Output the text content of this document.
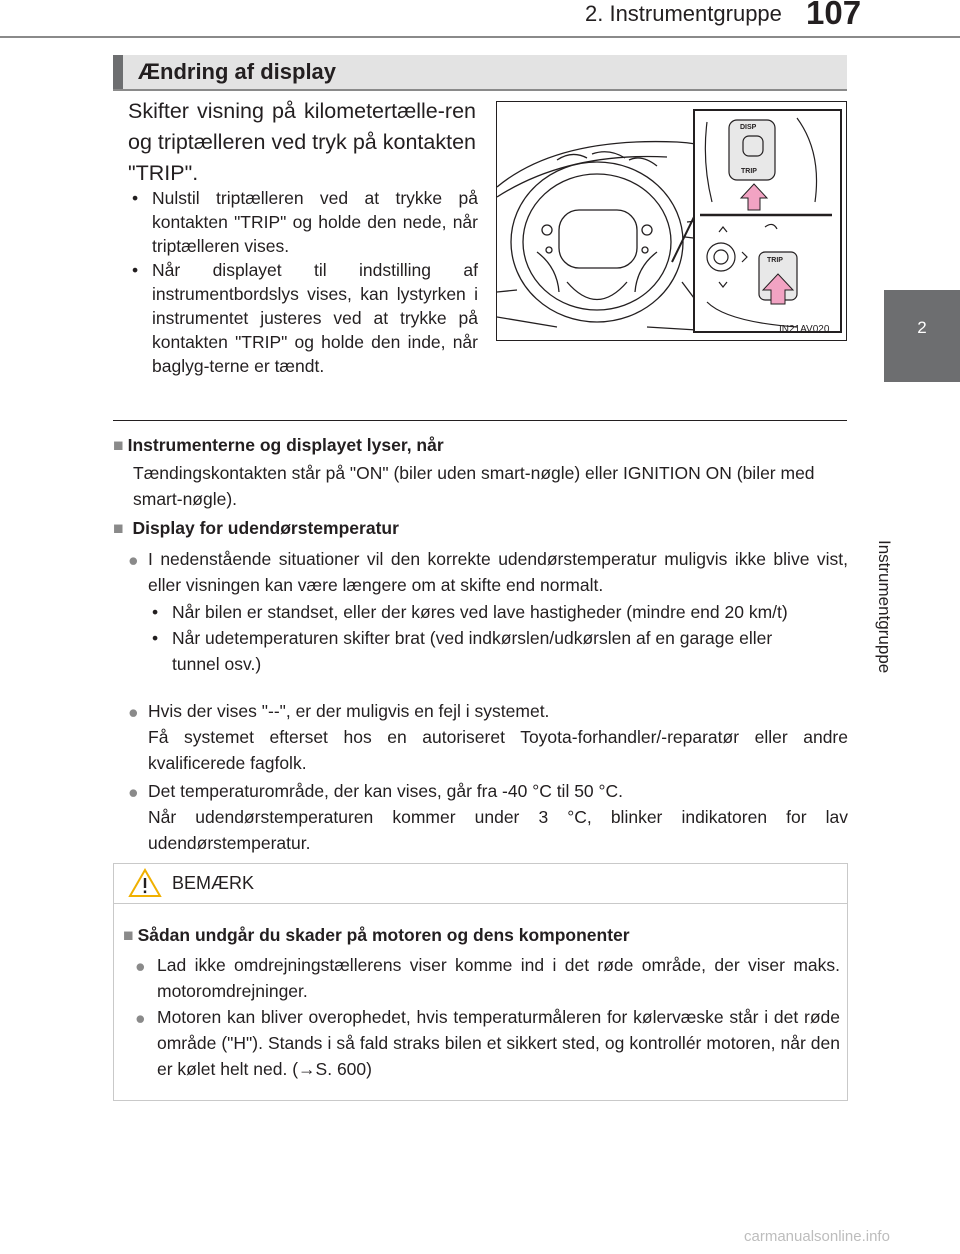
2. Instrumentgruppe 107
2
Instrumentgruppe
Ændring af display
Skifter visning på kilometertælle-ren og triptælleren ved tryk på kontakten "TRIP".
• Nulstil triptælleren ved at trykke på kontakten "TRIP" og holde den nede, når triptælleren vises.
• Når displayet til indstilling af instrumentbordslys vises, kan lystyrken i instrumentet justeres ved at trykke på kontakten "TRIP" og holde den inde, når baglyg-terne er tændt.
DISP
TRIP
TRIP
IN21AV020
■ Instrumenterne og displayet lyser, når
Tændingskontakten står på "ON" (biler uden smart-nøgle) eller IGNITION ON (biler med smart-nøgle).
■ Display for udendørstemperatur
● I nedenstående situationer vil den korrekte udendørstemperatur muligvis ikke blive vist, eller visningen kan være længere om at skifte end normalt.
• Når bilen er standset, eller der køres ved lave hastigheder (mindre end 20 km/t)
• Når udetemperaturen skifter brat (ved indkørslen/udkørslen af en garage eller tunnel osv.)
● Hvis der vises "--", er der muligvis en fejl i systemet.
Få systemet efterset hos en autoriseret Toyota-forhandler/-reparatør eller andre kvalificerede fagfolk.
● Det temperaturområde, der kan vises, går fra -40 °C til 50 °C.
Når udendørstemperaturen kommer under 3 °C, blinker indikatoren for lav udendørstemperatur.
BEMÆRK
■ Sådan undgår du skader på motoren og dens komponenter
● Lad ikke omdrejningstællerens viser komme ind i det røde område, der viser maks. motoromdrejninger.
● Motoren kan bliver overophedet, hvis temperaturmåleren for kølervæske står i det røde område ("H"). Stands i så fald straks bilen et sikkert sted, og kontrollér motoren, når den er kølet helt ned. (→S. 600)
carmanualsonline.info
